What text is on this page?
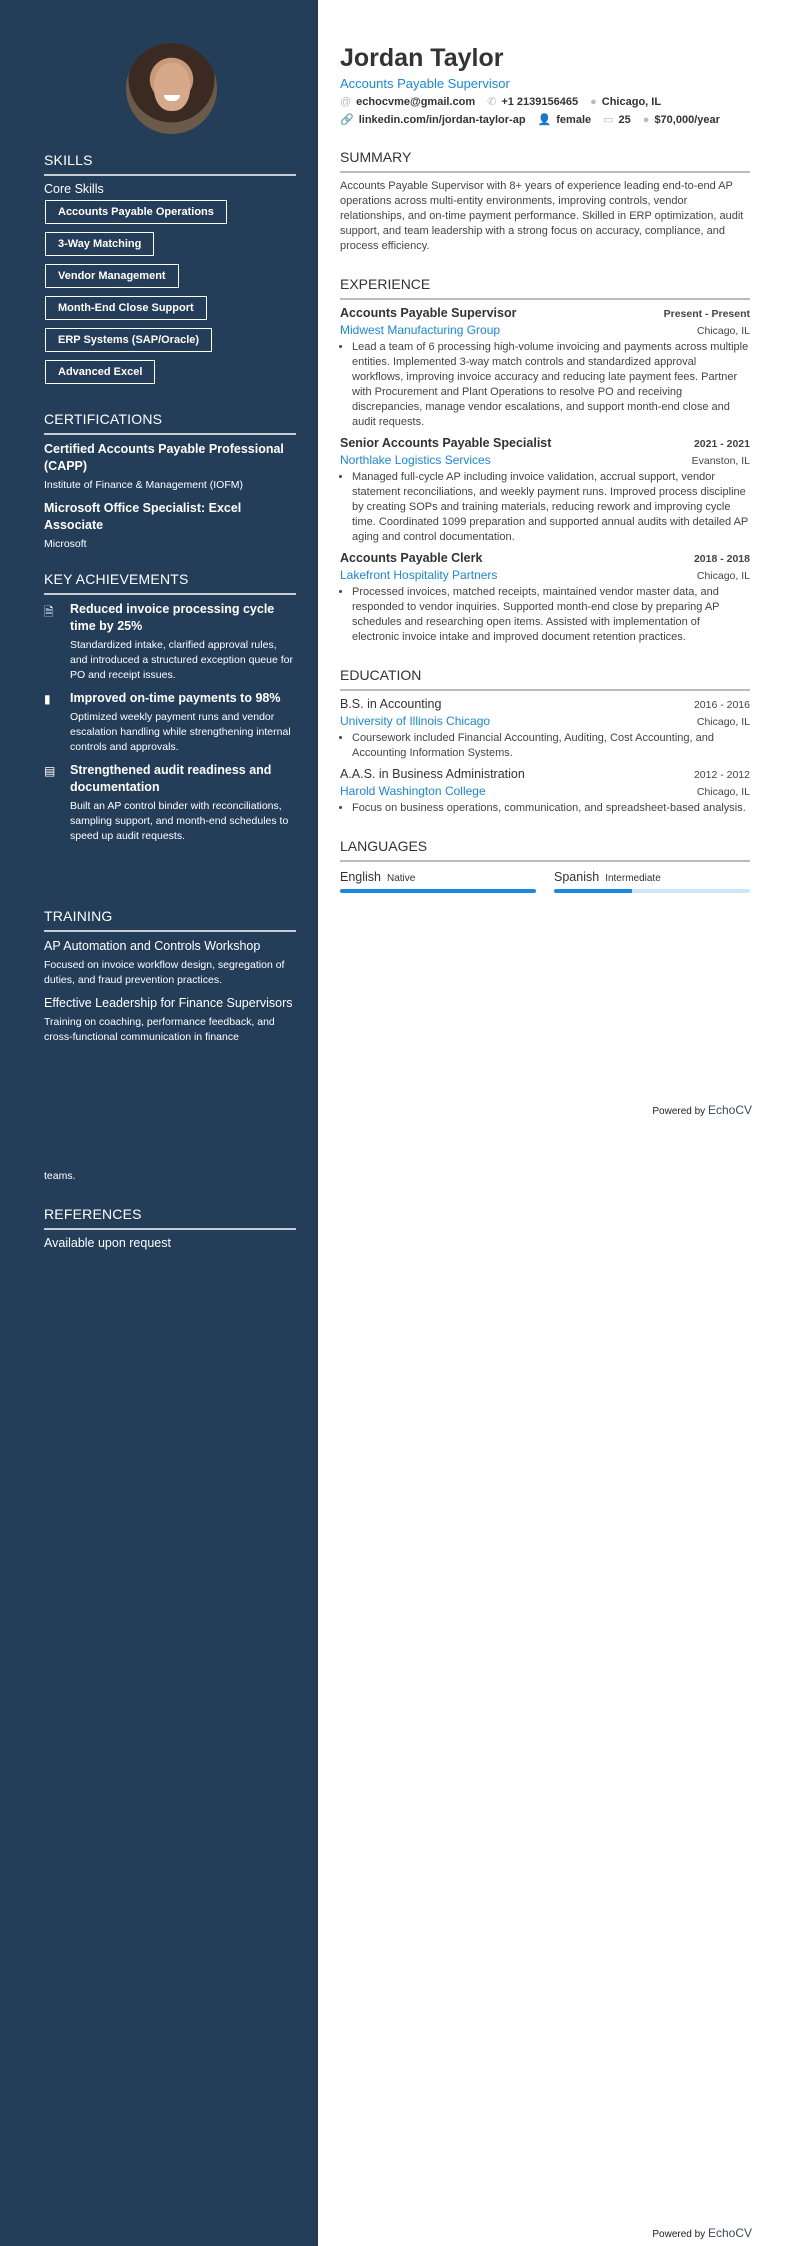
SKILLS
Core Skills
Accounts Payable Operations
3-Way Matching
Vendor Management
Month-End Close Support
ERP Systems (SAP/Oracle)
Advanced Excel
CERTIFICATIONS
Certified Accounts Payable Professional (CAPP)
Institute of Finance & Management (IOFM)
Microsoft Office Specialist: Excel Associate
Microsoft
KEY ACHIEVEMENTS
🗎	Reduced invoice processing cycle time by 25%
Standardized intake, clarified approval rules, and introduced a structured exception queue for PO and receipt issues.
▮	Improved on-time payments to 98%
Optimized weekly payment runs and vendor escalation handling while strengthening internal controls and approvals.
▤	Strengthened audit readiness and documentation
Built an AP control binder with reconciliations, sampling support, and month-end schedules to speed up audit requests.
TRAINING
AP Automation and Controls Workshop
Focused on invoice workflow design, segregation of duties, and fraud prevention practices.
Effective Leadership for Finance Supervisors
Training on coaching, performance feedback, and cross-functional communication in finance
teams.
REFERENCES
Available upon request
Jordan Taylor
Accounts Payable Supervisor
@ echocvme@gmail.com ✆ +1 2139156465 ● Chicago, IL
🔗 linkedin.com/in/jordan-taylor-ap 👤 female ▭ 25 ● $70,000/year
SUMMARY
Accounts Payable Supervisor with 8+ years of experience leading end-to-end AP operations across multi-entity environments, improving controls, vendor relationships, and on-time payment performance. Skilled in ERP optimization, audit support, and team leadership with a strong focus on accuracy, compliance, and process efficiency.
EXPERIENCE
Accounts Payable Supervisor	Present - Present
Midwest Manufacturing Group	Chicago, IL
• Lead a team of 6 processing high-volume invoicing and payments across multiple entities. Implemented 3-way match controls and standardized approval workflows, improving invoice accuracy and reducing late payment fees. Partner with Procurement and Plant Operations to resolve PO and receiving discrepancies, manage vendor escalations, and support month-end close and audit requests.
Senior Accounts Payable Specialist	2021 - 2021
Northlake Logistics Services	Evanston, IL
• Managed full-cycle AP including invoice validation, accrual support, vendor statement reconciliations, and weekly payment runs. Improved process discipline by creating SOPs and training materials, reducing rework and improving cycle time. Coordinated 1099 preparation and supported annual audits with detailed AP aging and control documentation.
Accounts Payable Clerk	2018 - 2018
Lakefront Hospitality Partners	Chicago, IL
• Processed invoices, matched receipts, maintained vendor master data, and responded to vendor inquiries. Supported month-end close by preparing AP schedules and researching open items. Assisted with implementation of electronic invoice intake and improved document retention practices.
EDUCATION
B.S. in Accounting	2016 - 2016
University of Illinois Chicago	Chicago, IL
• Coursework included Financial Accounting, Auditing, Cost Accounting, and Accounting Information Systems.
A.A.S. in Business Administration	2012 - 2012
Harold Washington College	Chicago, IL
• Focus on business operations, communication, and spreadsheet-based analysis.
LANGUAGES
English Native	Spanish Intermediate
Powered by EchoCV
Powered by EchoCV
